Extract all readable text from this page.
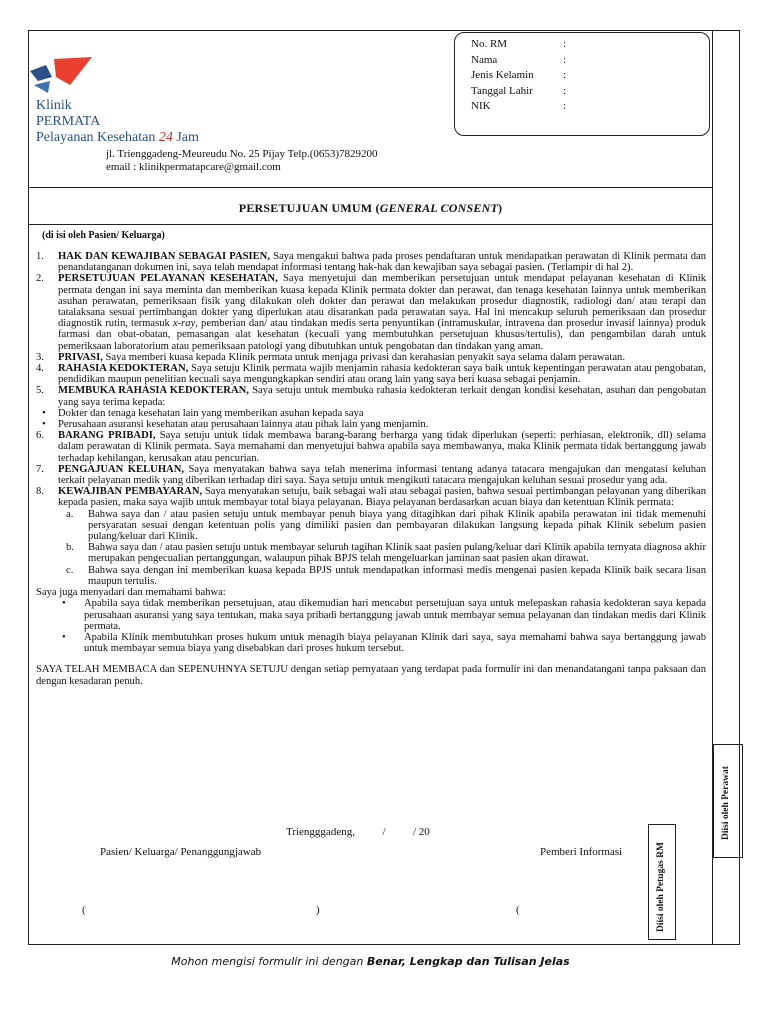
Klinik
PERMATA
Pelayanan Kesehatan 24 Jam
jl. Trienggadeng-Meureudu No. 25 Pijay Telp.(0653)7829200
email : klinikpermatapcare@gmail.com
No. RM	:
Nama	:
Jenis Kelamin	:
Tanggal Lahir	:
NIK	:
PERSETUJUAN UMUM (GENERAL CONSENT)
(di isi oleh Pasien/ Keluarga)

1. HAK DAN KEWAJIBAN SEBAGAI PASIEN, Saya mengakui bahwa pada proses pendaftaran untuk mendapatkan perawatan di Klinik permata dan penandatanganan dokumen ini, saya telah mendapat informasi tentang hak-hak dan kewajiban saya sebagai pasien. (Terlampir di hal 2).

2. PERSETUJUAN PELAYANAN KESEHATAN, Saya menyetujui dan memberikan persetujuan untuk mendapat pelayanan kesehatan di Klinik permata dengan ini saya meminta dan memberikan kuasa kepada Klinik permata dokter dan perawat, dan tenaga kesehatan lainnya untuk memberikan asuhan perawatan, pemeriksaan fisik yang dilakukan oleh dokter dan perawat dan melakukan prosedur diagnostik, radiologi dan/ atau terapi dan tatalaksana sesuai pertimbangan dokter yang diperlukan atau disarankan pada perawatan saya. Hal ini mencakup seluruh pemeriksaan dan prosedur diagnostik rutin, termasuk x-ray, pemberian dan/ atau tindakan medis serta penyuntikan (intramuskular, intravena dan prosedur invasif lainnya) produk farmasi dan obat-obatan, pemasangan alat kesehatan (kecuali yang membutuhkan persetujuan khusus/tertulis), dan pengambilan darah untuk pemeriksaan laboratorium atau pemeriksaan patologi yang dibutuhkan untuk pengobatan dan tindakan yang aman.

3. PRIVASI, Saya memberi kuasa kepada Klinik permata untuk menjaga privasi dan kerahasian penyakit saya selama dalam perawatan.

4. RAHASIA KEDOKTERAN, Saya setuju Klinik permata wajib menjamin rahasia kedokteran saya baik untuk kepentingan perawatan atau pengobatan, pendidikan maupun penelitian kecuali saya mengungkapkan sendiri atau orang lain yang saya beri kuasa sebagai penjamin.

5. MEMBUKA RAHASIA KEDOKTERAN, Saya setuju untuk membuka rahasia kedokteran terkait dengan kondisi kesehatan, asuhan dan pengobatan yang saya terima kepada:

• Dokter dan tenaga kesehatan lain yang memberikan asuhan kepada saya

• Perusahaan asuransi kesehatan atau perusahaan lainnya atau pihak lain yang menjamin.

6. BARANG PRIBADI, Saya setuju untuk tidak membawa barang-barang berharga yang tidak diperlukan (seperti: perhiasan, elektronik, dll) selama dalam perawatan di Klinik permata. Saya memahami dan menyetujui bahwa apabila saya membawanya, maka Klinik permata tidak bertanggung jawab terhadap kehilangan, kerusakan atau pencurian.

7. PENGAJUAN KELUHAN, Saya menyatakan bahwa saya telah menerima informasi tentang adanya tatacara mengajukan dan mengatasi keluhan terkait pelayanan medik yang diberikan terhadap diri saya. Saya setuju untuk mengikuti tatacara mengajukan keluhan sesuai prosedur yang ada.

8. KEWAJIBAN PEMBAYARAN, Saya menyatakan setuju, baik sebagai wali atau sebagai pasien, bahwa sesuai pertimbangan pelayanan yang diberikan kepada pasien, maka saya wajib untuk membayar total biaya pelayanan. Biaya pelayanan berdasarkan acuan biaya dan ketentuan Klinik permata:

a. Bahwa saya dan / atau pasien setuju untuk membayar penuh biaya yang ditagihkan dari pihak Klinik apabila perawatan ini tidak memenuhi persyaratan sesuai dengan ketentuan polis yang dimiliki pasien dan pembayaran dilakukan langsung kepada pihak Klinik sebelum pasien pulang/keluar dari Klinik.

b. Bahwa saya dan / atau pasien setuju untuk membayar seluruh tagihan Klinik saat pasien pulang/keluar dari Klinik apabila ternyata diagnosa akhir merupakan pengecualian pertanggungan, walaupun pihak BPJS telah mengeluarkan jaminan saat pasien akan dirawat.

c. Bahwa saya dengan ini memberikan kuasa kepada BPJS untuk mendapatkan informasi medis mengenai pasien kepada Klinik baik secara lisan maupun tertulis.

Saya juga menyadari dan memahami bahwa:

• Apabila saya tidak memberikan persetujuan, atau dikemudian hari mencabut persetujuan saya untuk melepaskan rahasia kedokteran saya kepada perusahaan asuransi yang saya tentukan, maka saya pribadi bertanggung jawab untuk membayar semua pelayanan dan tindakan medis dari Klinik permata.

• Apabila Klinik membutuhkan proses hukum untuk menagih biaya pelayanan Klinik dari saya, saya memahami bahwa saya bertanggung jawab untuk membayar semua biaya yang disebabkan dari proses hukum tersebut.

SAYA TELAH MEMBACA dan SEPENUHNYA SETUJU dengan setiap pernyataan yang terdapat pada formulir ini dan menandatangani tanpa paksaan dan dengan kesadaran penuh.

Triengggadeng,          /          / 20
Pasien/ Keluarga/ Penanggungjawab	Pemberi Informasi
(	)	(	Diisi oleh Petugas RM
Diisi oleh Perawat
Mohon mengisi formulir ini dengan Benar, Lengkap dan Tulisan Jelas
